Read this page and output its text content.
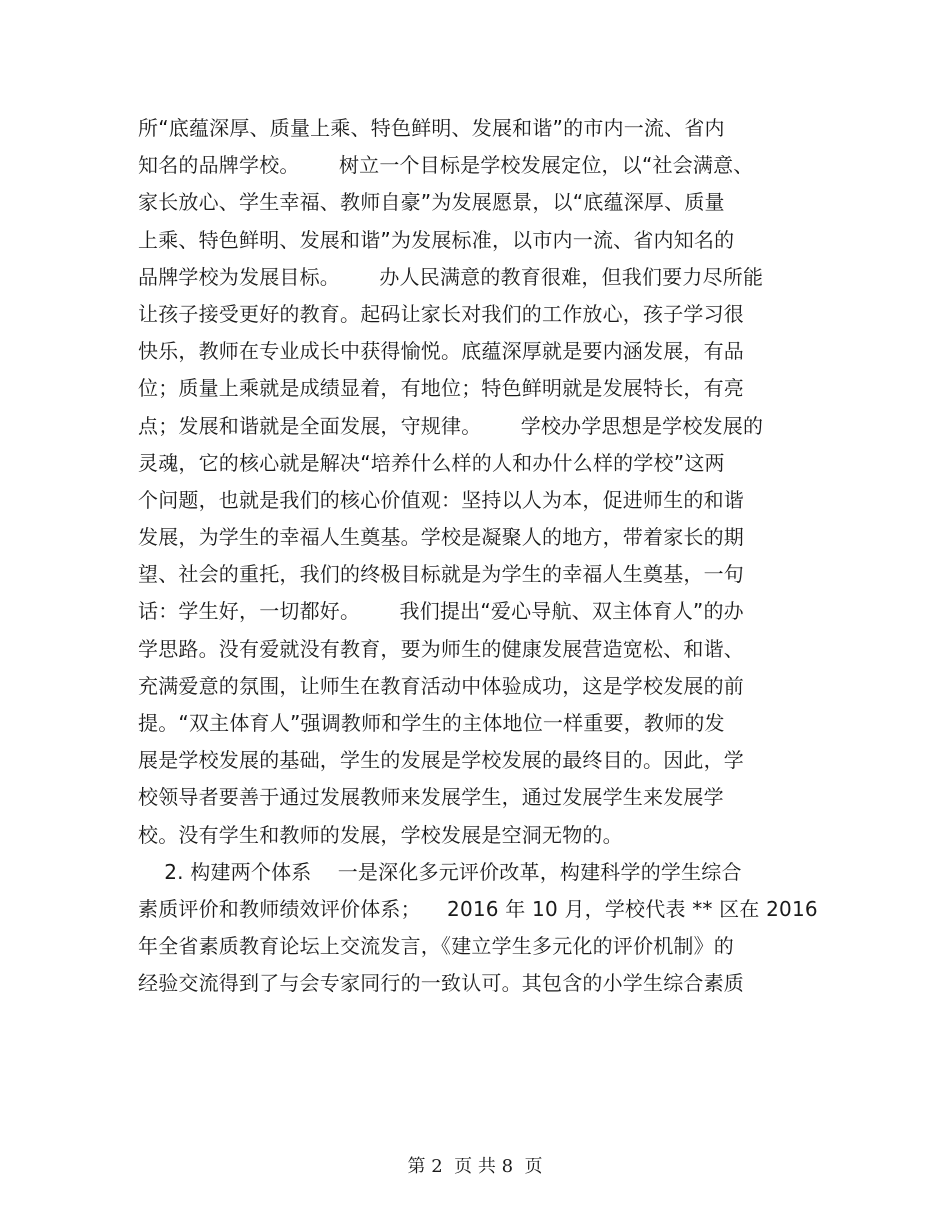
所“底蕴深厚、质量上乘、特色鲜明、发展和谐”的市内一流、省内
知名的品牌学校。      树立一个目标是学校发展定位，以“社会满意、
家长放心、学生幸福、教师自豪”为发展愿景，以“底蕴深厚、质量
上乘、特色鲜明、发展和谐”为发展标准，以市内一流、省内知名的
品牌学校为发展目标。      办人民满意的教育很难，但我们要力尽所能
让孩子接受更好的教育。起码让家长对我们的工作放心，孩子学习很
快乐，教师在专业成长中获得愉悦。底蕴深厚就是要内涵发展，有品
位；质量上乘就是成绩显着，有地位；特色鲜明就是发展特长，有亮
点；发展和谐就是全面发展，守规律。      学校办学思想是学校发展的
灵魂，它的核心就是解决“培养什么样的人和办什么样的学校”这两
个问题，也就是我们的核心价值观：坚持以人为本，促进师生的和谐
发展，为学生的幸福人生奠基。学校是凝聚人的地方，带着家长的期
望、社会的重托，我们的终极目标就是为学生的幸福人生奠基，一句
话：学生好，一切都好。      我们提出“爱心导航、双主体育人”的办
学思路。没有爱就没有教育，要为师生的健康发展营造宽松、和谐、
充满爱意的氛围，让师生在教育活动中体验成功，这是学校发展的前
提。“双主体育人”强调教师和学生的主体地位一样重要，教师的发
展是学校发展的基础，学生的发展是学校发展的最终目的。因此，学
校领导者要善于通过发展教师来发展学生，通过发展学生来发展学
校。没有学生和教师的发展，学校发展是空洞无物的。
2. 构建两个体系    一是深化多元评价改革，构建科学的学生综合
素质评价和教师绩效评价体系；    2016 年 10 月，学校代表 ** 区在 2016
年全省素质教育论坛上交流发言，《建立学生多元化的评价机制》的
经验交流得到了与会专家同行的一致认可。其包含的小学生综合素质
第 2  页 共 8  页
